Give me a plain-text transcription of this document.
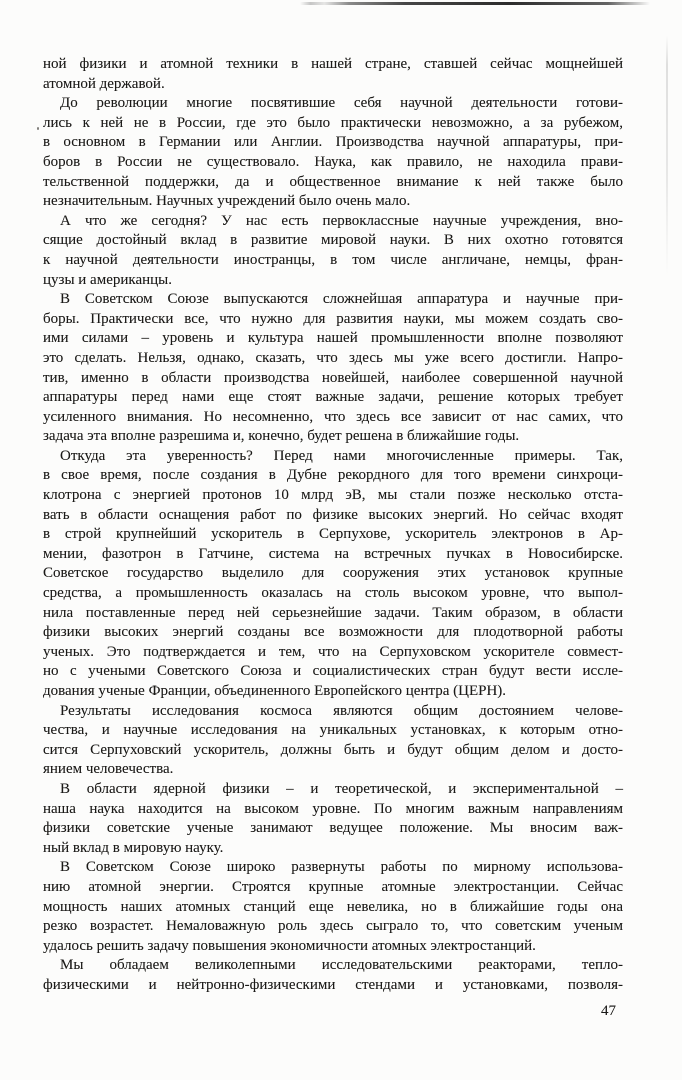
ной физики и атомной техники в нашей стране, ставшей сейчас мощнейшей
атомной державой.
До революции многие посвятившие себя научной деятельности готови-
лись к ней не в России, где это было практически невозможно, а за рубежом,
в основном в Германии или Англии. Производства научной аппаратуры, при-
боров в России не существовало. Наука, как правило, не находила прави-
тельственной поддержки, да и общественное внимание к ней также было
незначительным. Научных учреждений было очень мало.
А что же сегодня? У нас есть первоклассные научные учреждения, вно-
сящие достойный вклад в развитие мировой науки. В них охотно готовятся
к научной деятельности иностранцы, в том числе англичане, немцы, фран-
цузы и американцы.
В Советском Союзе выпускаются сложнейшая аппаратура и научные при-
боры. Практически все, что нужно для развития науки, мы можем создать сво-
ими силами – уровень и культура нашей промышленности вполне позволяют
это сделать. Нельзя, однако, сказать, что здесь мы уже всего достигли. Напро-
тив, именно в области производства новейшей, наиболее совершенной научной
аппаратуры перед нами еще стоят важные задачи, решение которых требует
усиленного внимания. Но несомненно, что здесь все зависит от нас самих, что
задача эта вполне разрешима и, конечно, будет решена в ближайшие годы.
Откуда эта уверенность? Перед нами многочисленные примеры. Так,
в свое время, после создания в Дубне рекордного для того времени синхроци-
клотрона с энергией протонов 10 млрд эВ, мы стали позже несколько отста-
вать в области оснащения работ по физике высоких энергий. Но сейчас входят
в строй крупнейший ускоритель в Серпухове, ускоритель электронов в Ар-
мении, фазотрон в Гатчине, система на встречных пучках в Новосибирске.
Советское государство выделило для сооружения этих установок крупные
средства, а промышленность оказалась на столь высоком уровне, что выпол-
нила поставленные перед ней серьезнейшие задачи. Таким образом, в области
физики высоких энергий созданы все возможности для плодотворной работы
ученых. Это подтверждается и тем, что на Серпуховском ускорителе совмест-
но с учеными Советского Союза и социалистических стран будут вести иссле-
дования ученые Франции, объединенного Европейского центра (ЦЕРН).
Результаты исследования космоса являются общим достоянием челове-
чества, и научные исследования на уникальных установках, к которым отно-
сится Серпуховский ускоритель, должны быть и будут общим делом и досто-
янием человечества.
В области ядерной физики – и теоретической, и экспериментальной –
наша наука находится на высоком уровне. По многим важным направлениям
физики советские ученые занимают ведущее положение. Мы вносим важ-
ный вклад в мировую науку.
В Советском Союзе широко развернуты работы по мирному использова-
нию атомной энергии. Строятся крупные атомные электростанции. Сейчас
мощность наших атомных станций еще невелика, но в ближайшие годы она
резко возрастет. Немаловажную роль здесь сыграло то, что советским ученым
удалось решить задачу повышения экономичности атомных электростанций.
Мы обладаем великолепными исследовательскими реакторами, тепло-
физическими и нейтронно-физическими стендами и установками, позволя-
47
